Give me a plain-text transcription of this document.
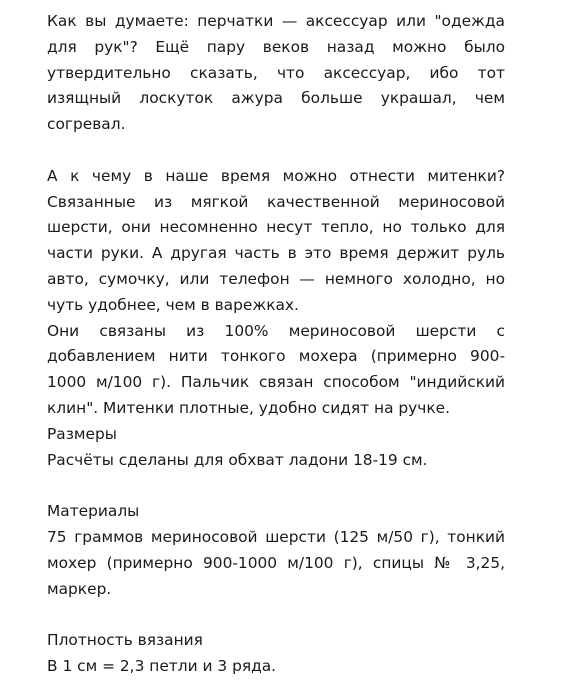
Как вы думаете: перчатки — аксессуар или "одежда
для рук"? Ещё пару веков назад можно было
утвердительно сказать, что аксессуар, ибо тот
изящный лоскуток ажура больше украшал, чем
согревал.

А к чему в наше время можно отнести митенки?
Связанные из мягкой качественной мериносовой
шерсти, они несомненно несут тепло, но только для
части руки. А другая часть в это время держит руль
авто, сумочку, или телефон — немного холодно, но
чуть удобнее, чем в варежках.
Они связаны из 100% мериносовой шерсти с
добавлением нити тонкого мохера (примерно 900-
1000 м/100 г). Пальчик связан способом "индийский
клин". Митенки плотные, удобно сидят на ручке.
Размеры
Расчёты сделаны для обхват ладони 18-19 см.

Материалы
75 граммов мериносовой шерсти (125 м/50 г), тонкий
мохер (примерно 900-1000 м/100 г), спицы № 3,25,
маркер.

Плотность вязания
В 1 см = 2,3 петли и 3 ряда.
